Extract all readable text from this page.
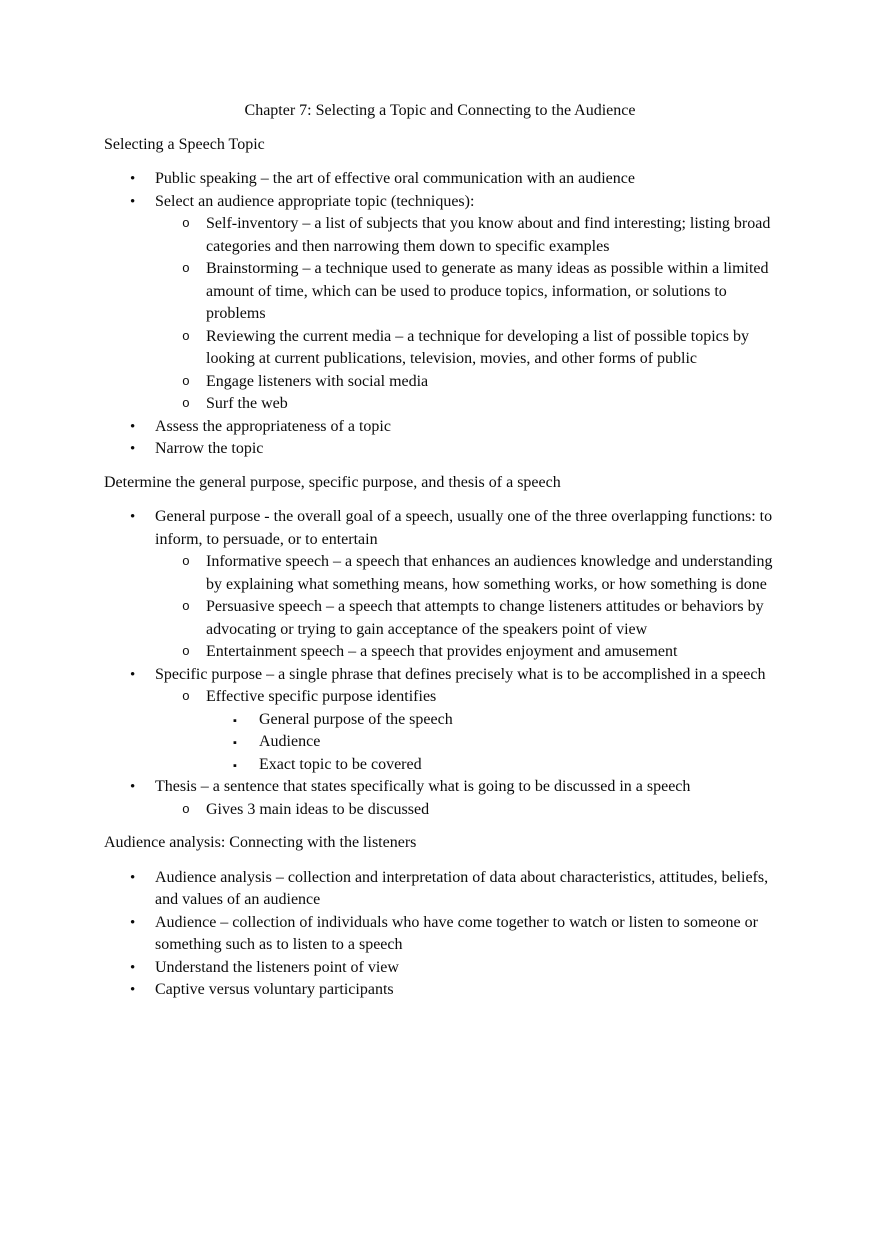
Chapter 7: Selecting a Topic and Connecting to the Audience

Selecting a Speech Topic

• Public speaking – the art of effective oral communication with an audience
• Select an audience appropriate topic (techniques):
o Self-inventory – a list of subjects that you know about and find interesting; listing broad categories and then narrowing them down to specific examples
o Brainstorming – a technique used to generate as many ideas as possible within a limited amount of time, which can be used to produce topics, information, or solutions to problems
o Reviewing the current media – a technique for developing a list of possible topics by looking at current publications, television, movies, and other forms of public
o Engage listeners with social media
o Surf the web
• Assess the appropriateness of a topic
• Narrow the topic

Determine the general purpose, specific purpose, and thesis of a speech

• General purpose - the overall goal of a speech, usually one of the three overlapping functions: to inform, to persuade, or to entertain
o Informative speech – a speech that enhances an audiences knowledge and understanding by explaining what something means, how something works, or how something is done
o Persuasive speech – a speech that attempts to change listeners attitudes or behaviors by advocating or trying to gain acceptance of the speakers point of view
o Entertainment speech – a speech that provides enjoyment and amusement
• Specific purpose – a single phrase that defines precisely what is to be accomplished in a speech
o Effective specific purpose identifies
▪ General purpose of the speech
▪ Audience
▪ Exact topic to be covered
• Thesis – a sentence that states specifically what is going to be discussed in a speech
o Gives 3 main ideas to be discussed

Audience analysis: Connecting with the listeners

• Audience analysis – collection and interpretation of data about characteristics, attitudes, beliefs, and values of an audience
• Audience – collection of individuals who have come together to watch or listen to someone or something such as to listen to a speech
• Understand the listeners point of view
• Captive versus voluntary participants
